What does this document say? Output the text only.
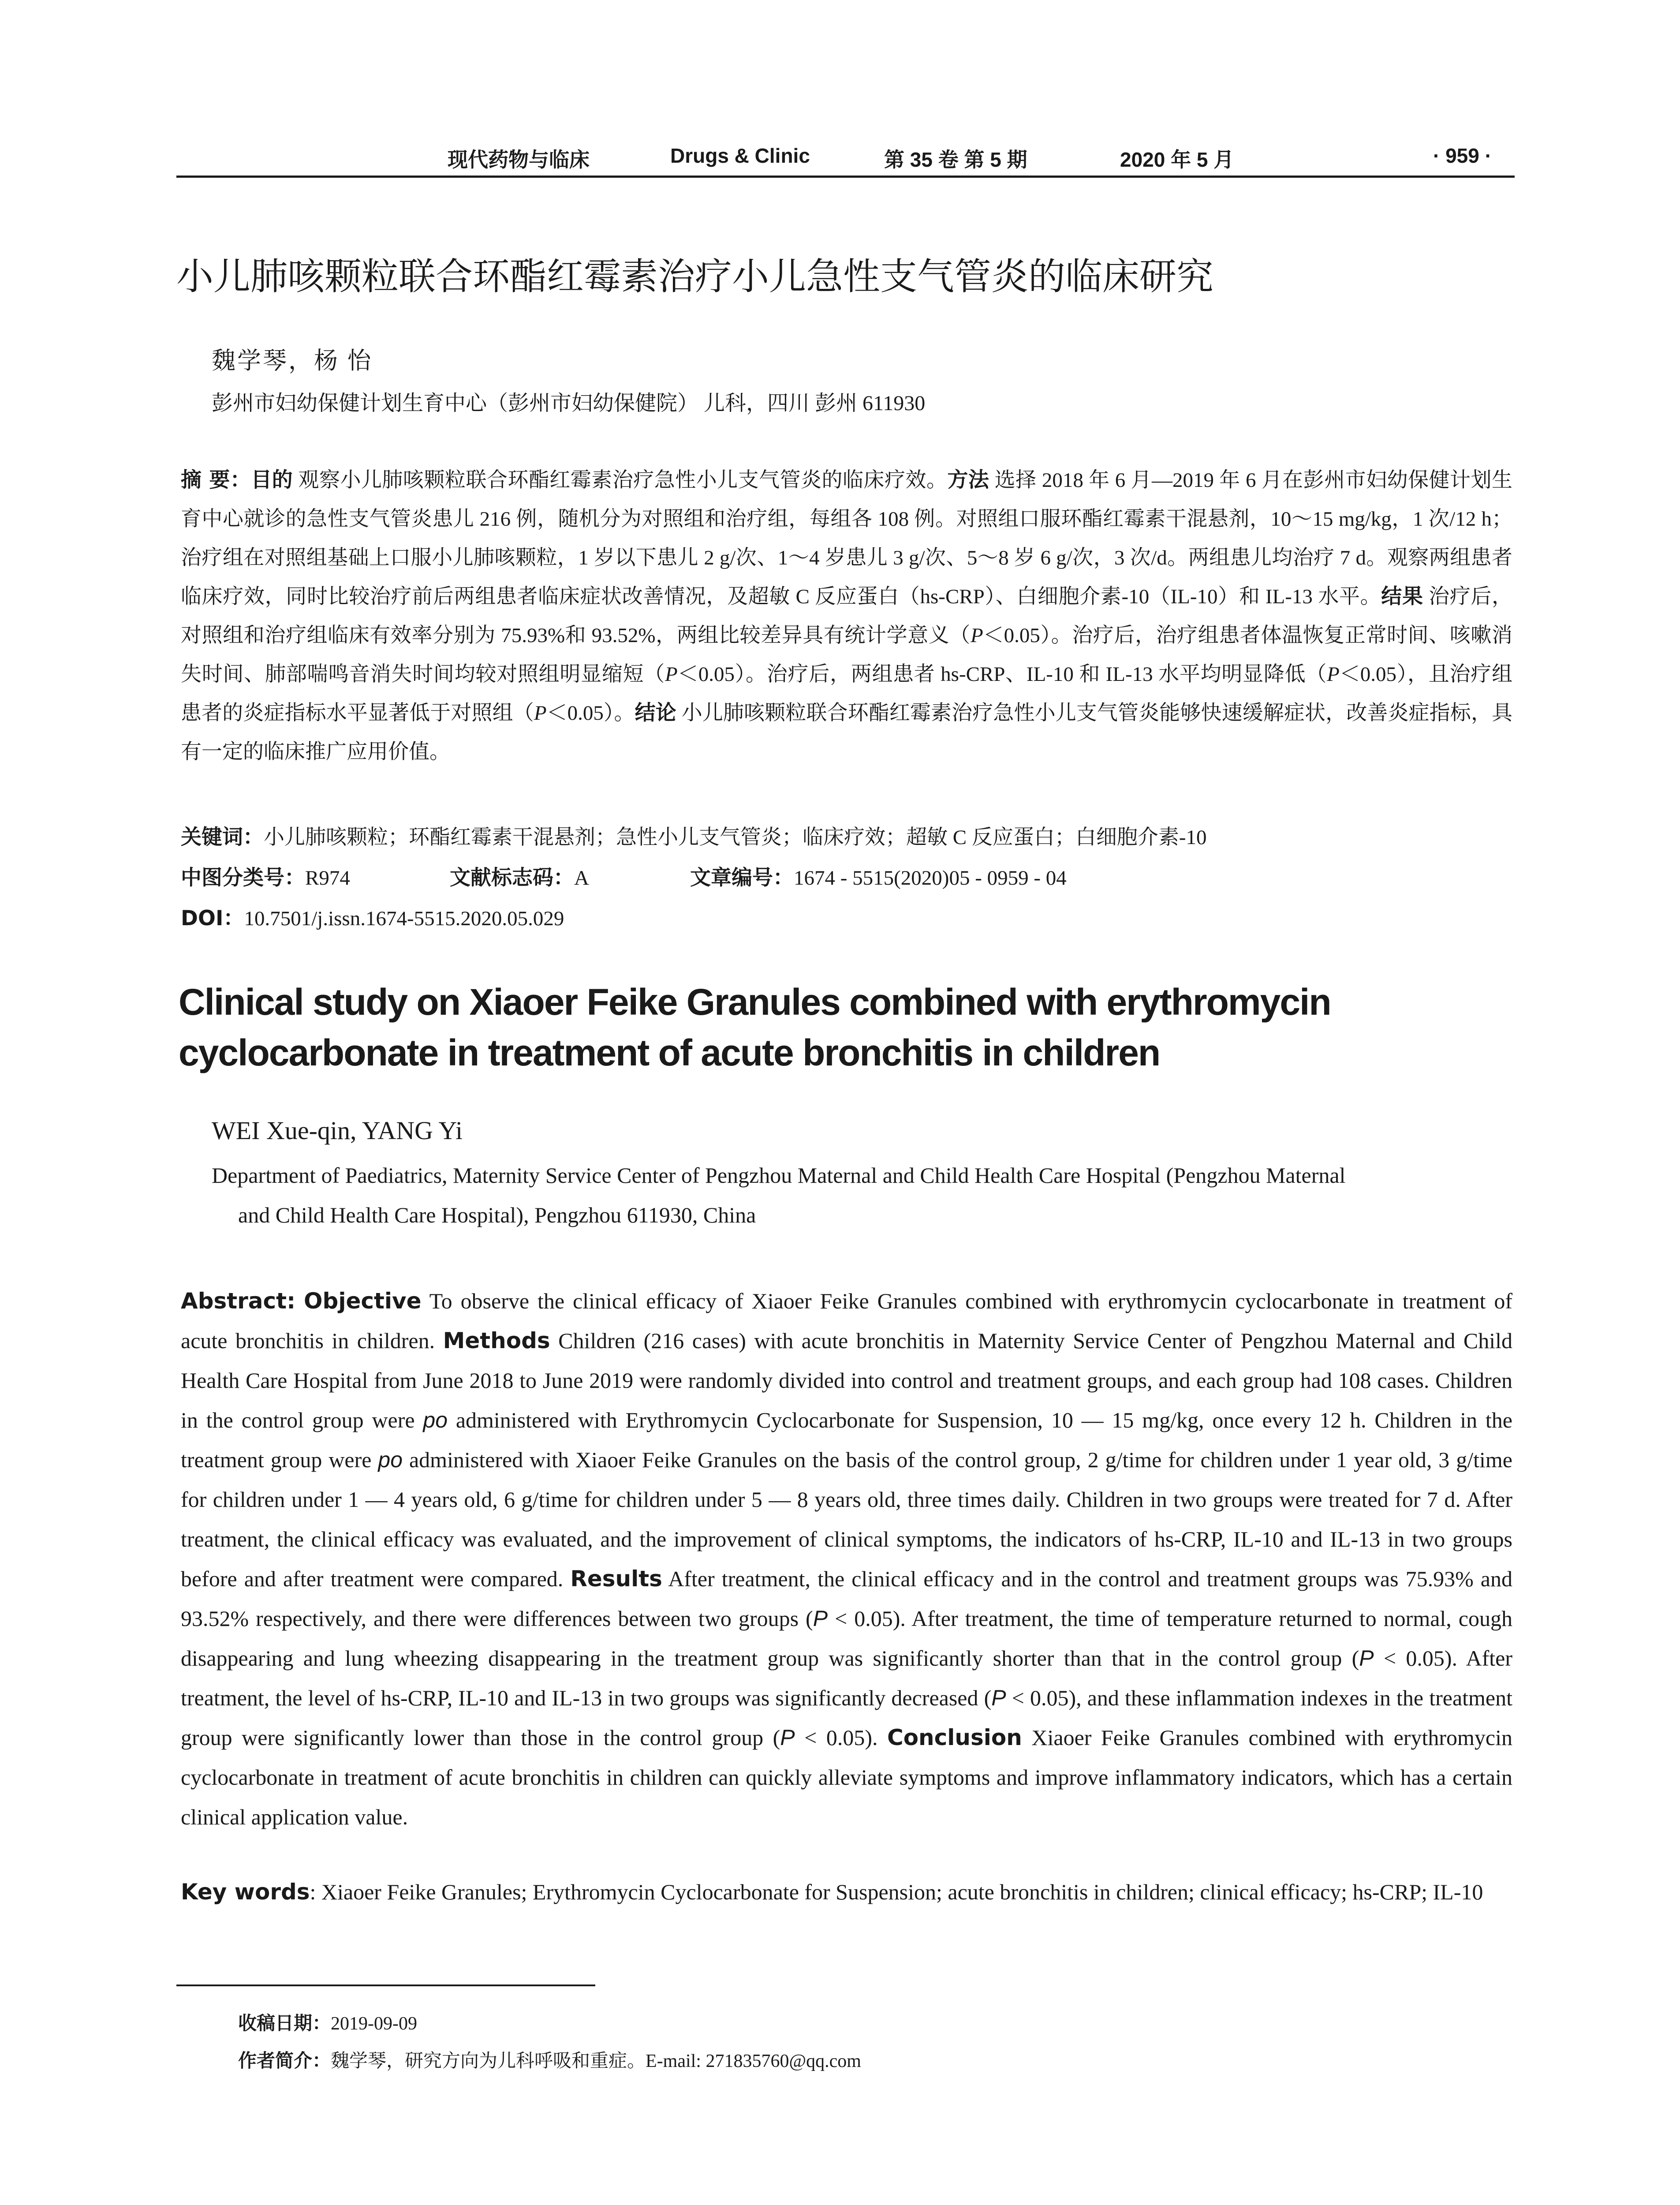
现代药物与临床	Drugs & Clinic	第 35 卷 第 5 期	2020 年 5 月	· 959 ·
小儿肺咳颗粒联合环酯红霉素治疗小儿急性支气管炎的临床研究
魏学琴，杨 怡
彭州市妇幼保健计划生育中心（彭州市妇幼保健院） 儿科，四川 彭州 611930
摘 要：目的 观察小儿肺咳颗粒联合环酯红霉素治疗急性小儿支气管炎的临床疗效。方法 选择 2018 年 6 月—2019 年 6 月在彭州市妇幼保健计划生育中心就诊的急性支气管炎患儿 216 例，随机分为对照组和治疗组，每组各 108 例。对照组口服环酯红霉素干混悬剂，10～15 mg/kg，1 次/12 h；治疗组在对照组基础上口服小儿肺咳颗粒，1 岁以下患儿 2 g/次、1～4 岁患儿 3 g/次、5～8 岁 6 g/次，3 次/d。两组患儿均治疗 7 d。观察两组患者临床疗效，同时比较治疗前后两组患者临床症状改善情况，及超敏 C 反应蛋白（hs-CRP）、白细胞介素-10（IL-10）和 IL-13 水平。结果 治疗后，对照组和治疗组临床有效率分别为 75.93%和 93.52%，两组比较差异具有统计学意义（P＜0.05）。治疗后，治疗组患者体温恢复正常时间、咳嗽消失时间、肺部喘鸣音消失时间均较对照组明显缩短（P＜0.05）。治疗后，两组患者 hs-CRP、IL-10 和 IL-13 水平均明显降低（P＜0.05），且治疗组患者的炎症指标水平显著低于对照组（P＜0.05）。结论 小儿肺咳颗粒联合环酯红霉素治疗急性小儿支气管炎能够快速缓解症状，改善炎症指标，具有一定的临床推广应用价值。
关键词：小儿肺咳颗粒；环酯红霉素干混悬剂；急性小儿支气管炎；临床疗效；超敏 C 反应蛋白；白细胞介素-10
中图分类号：R974	文献标志码：A	文章编号：1674 - 5515(2020)05 - 0959 - 04
DOI：10.7501/j.issn.1674-5515.2020.05.029
Clinical study on Xiaoer Feike Granules combined with erythromycin cyclocarbonate in treatment of acute bronchitis in children
WEI Xue-qin, YANG Yi
Department of Paediatrics, Maternity Service Center of Pengzhou Maternal and Child Health Care Hospital (Pengzhou Maternal
and Child Health Care Hospital), Pengzhou 611930, China
Abstract: Objective To observe the clinical efficacy of Xiaoer Feike Granules combined with erythromycin cyclocarbonate in treatment of acute bronchitis in children. Methods Children (216 cases) with acute bronchitis in Maternity Service Center of Pengzhou Maternal and Child Health Care Hospital from June 2018 to June 2019 were randomly divided into control and treatment groups, and each group had 108 cases. Children in the control group were po administered with Erythromycin Cyclocarbonate for Suspension, 10 — 15 mg/kg, once every 12 h. Children in the treatment group were po administered with Xiaoer Feike Granules on the basis of the control group, 2 g/time for children under 1 year old, 3 g/time for children under 1 — 4 years old, 6 g/time for children under 5 — 8 years old, three times daily. Children in two groups were treated for 7 d. After treatment, the clinical efficacy was evaluated, and the improvement of clinical symptoms, the indicators of hs-CRP, IL-10 and IL-13 in two groups before and after treatment were compared. Results After treatment, the clinical efficacy and in the control and treatment groups was 75.93% and 93.52% respectively, and there were differences between two groups (P < 0.05). After treatment, the time of temperature returned to normal, cough disappearing and lung wheezing disappearing in the treatment group was significantly shorter than that in the control group (P < 0.05). After treatment, the level of hs-CRP, IL-10 and IL-13 in two groups was significantly decreased (P < 0.05), and these inflammation indexes in the treatment group were significantly lower than those in the control group (P < 0.05). Conclusion Xiaoer Feike Granules combined with erythromycin cyclocarbonate in treatment of acute bronchitis in children can quickly alleviate symptoms and improve inflammatory indicators, which has a certain clinical application value.
Key words: Xiaoer Feike Granules; Erythromycin Cyclocarbonate for Suspension; acute bronchitis in children; clinical efficacy; hs-CRP; IL-10
收稿日期：2019-09-09
作者简介：魏学琴，研究方向为儿科呼吸和重症。E-mail: 271835760@qq.com
